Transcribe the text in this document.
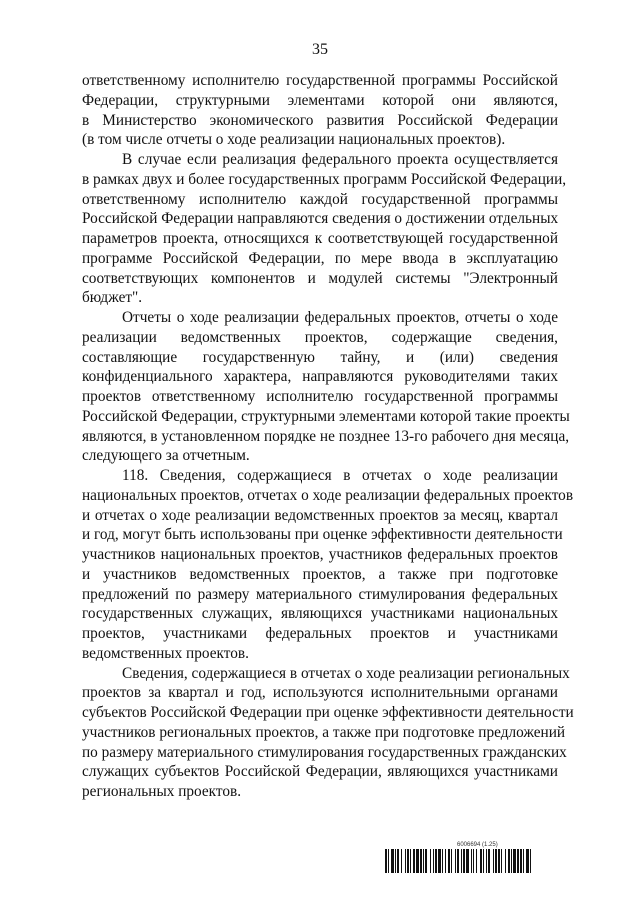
35

ответственному исполнителю государственной программы Российской
Федерации, структурными элементами которой они являются,
в Министерство экономического развития Российской Федерации
(в том числе отчеты о ходе реализации национальных проектов).

В случае если реализация федерального проекта осуществляется
в рамках двух и более государственных программ Российской Федерации,
ответственному исполнителю каждой государственной программы
Российской Федерации направляются сведения о достижении отдельных
параметров проекта, относящихся к соответствующей государственной
программе Российской Федерации, по мере ввода в эксплуатацию
соответствующих компонентов и модулей системы "Электронный
бюджет".

Отчеты о ходе реализации федеральных проектов, отчеты о ходе
реализации ведомственных проектов, содержащие сведения,
составляющие государственную тайну, и (или) сведения
конфиденциального характера, направляются руководителями таких
проектов ответственному исполнителю государственной программы
Российской Федерации, структурными элементами которой такие проекты
являются, в установленном порядке не позднее 13-го рабочего дня месяца,
следующего за отчетным.

118. Сведения, содержащиеся в отчетах о ходе реализации
национальных проектов, отчетах о ходе реализации федеральных проектов
и отчетах о ходе реализации ведомственных проектов за месяц, квартал
и год, могут быть использованы при оценке эффективности деятельности
участников национальных проектов, участников федеральных проектов
и участников ведомственных проектов, а также при подготовке
предложений по размеру материального стимулирования федеральных
государственных служащих, являющихся участниками национальных
проектов, участниками федеральных проектов и участниками
ведомственных проектов.

Сведения, содержащиеся в отчетах о ходе реализации региональных
проектов за квартал и год, используются исполнительными органами
субъектов Российской Федерации при оценке эффективности деятельности
участников региональных проектов, а также при подготовке предложений
по размеру материального стимулирования государственных гражданских
служащих субъектов Российской Федерации, являющихся участниками
региональных проектов.

6006694 (1.25)
